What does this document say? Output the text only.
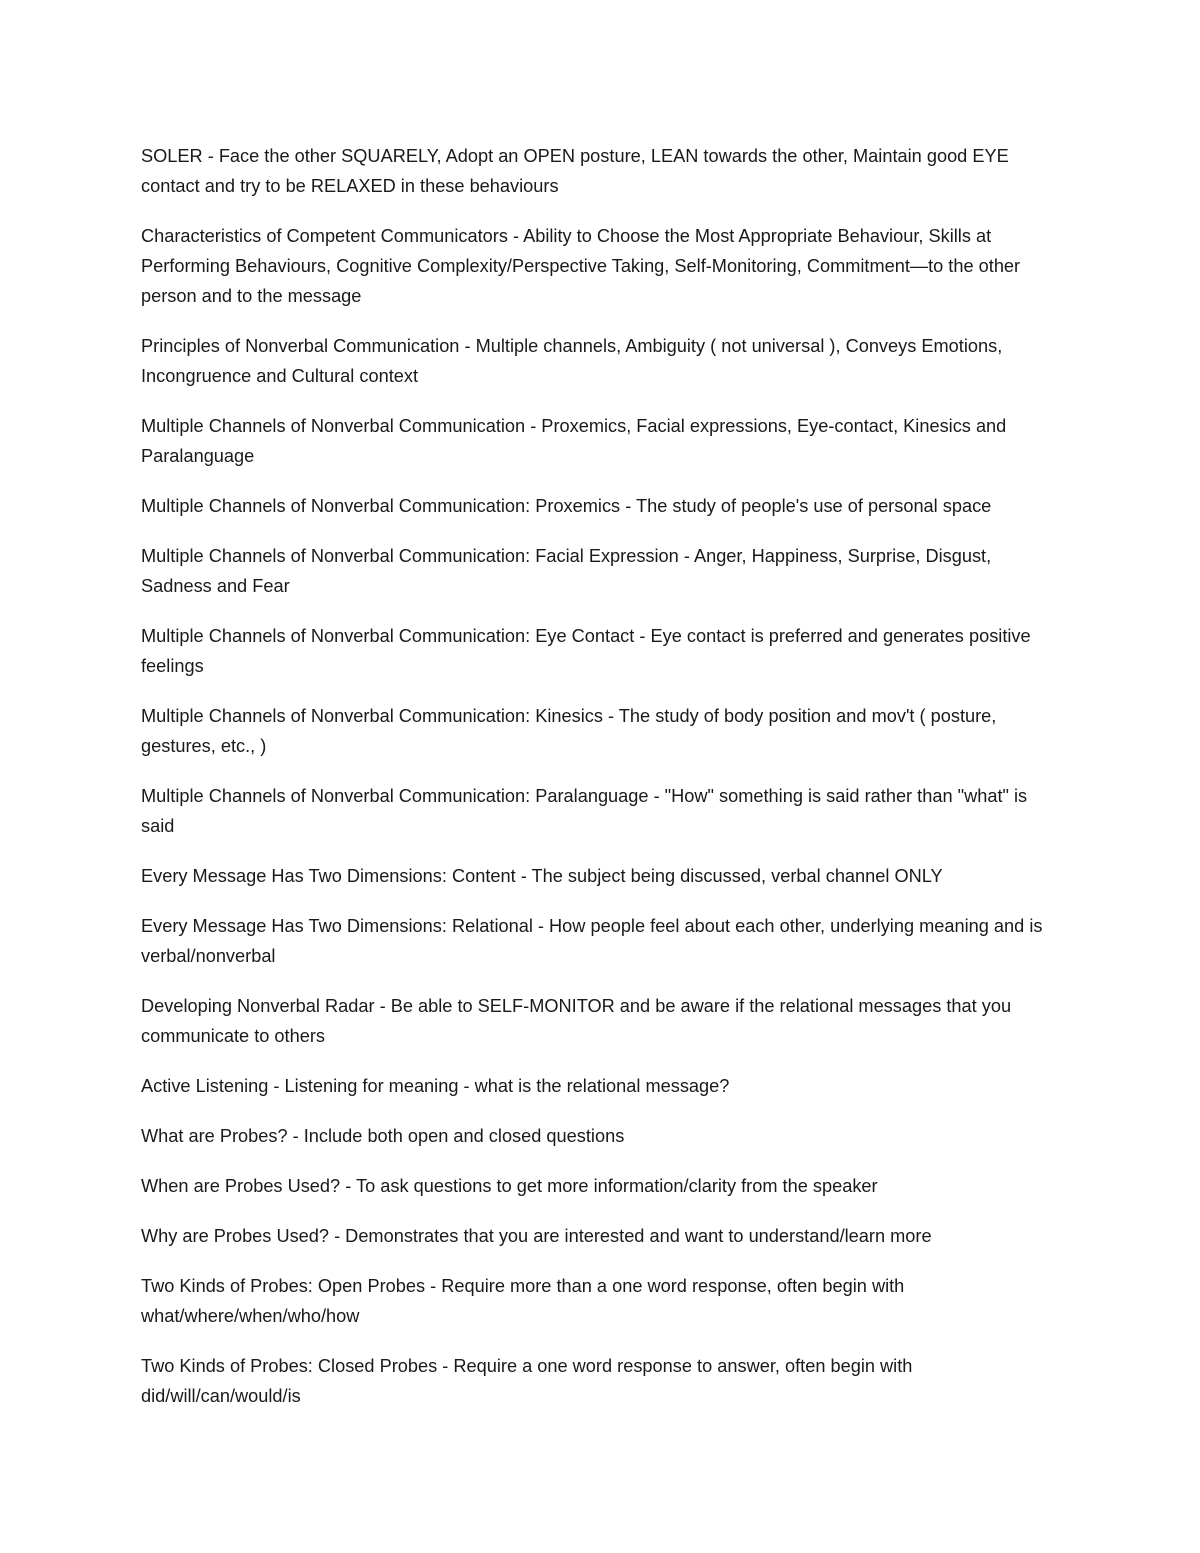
SOLER - Face the other SQUARELY, Adopt an OPEN posture, LEAN towards the other, Maintain good EYE contact and try to be RELAXED in these behaviours

Characteristics of Competent Communicators - Ability to Choose the Most Appropriate Behaviour, Skills at Performing Behaviours, Cognitive Complexity/Perspective Taking, Self-Monitoring, Commitment—to the other person and to the message

Principles of Nonverbal Communication - Multiple channels, Ambiguity ( not universal ), Conveys Emotions, Incongruence and Cultural context

Multiple Channels of Nonverbal Communication - Proxemics, Facial expressions, Eye-contact, Kinesics and Paralanguage

Multiple Channels of Nonverbal Communication: Proxemics - The study of people's use of personal space

Multiple Channels of Nonverbal Communication: Facial Expression - Anger, Happiness, Surprise, Disgust, Sadness and Fear

Multiple Channels of Nonverbal Communication: Eye Contact - Eye contact is preferred and generates positive feelings

Multiple Channels of Nonverbal Communication: Kinesics - The study of body position and mov't ( posture, gestures, etc., )

Multiple Channels of Nonverbal Communication: Paralanguage - "How" something is said rather than "what" is said

Every Message Has Two Dimensions: Content - The subject being discussed, verbal channel ONLY

Every Message Has Two Dimensions: Relational - How people feel about each other, underlying meaning and is verbal/nonverbal

Developing Nonverbal Radar - Be able to SELF-MONITOR and be aware if the relational messages that you communicate to others

Active Listening - Listening for meaning - what is the relational message?

What are Probes? - Include both open and closed questions

When are Probes Used? - To ask questions to get more information/clarity from the speaker

Why are Probes Used? - Demonstrates that you are interested and want to understand/learn more

Two Kinds of Probes: Open Probes - Require more than a one word response, often begin with what/where/when/who/how

Two Kinds of Probes: Closed Probes - Require a one word response to answer, often begin with did/will/can/would/is
